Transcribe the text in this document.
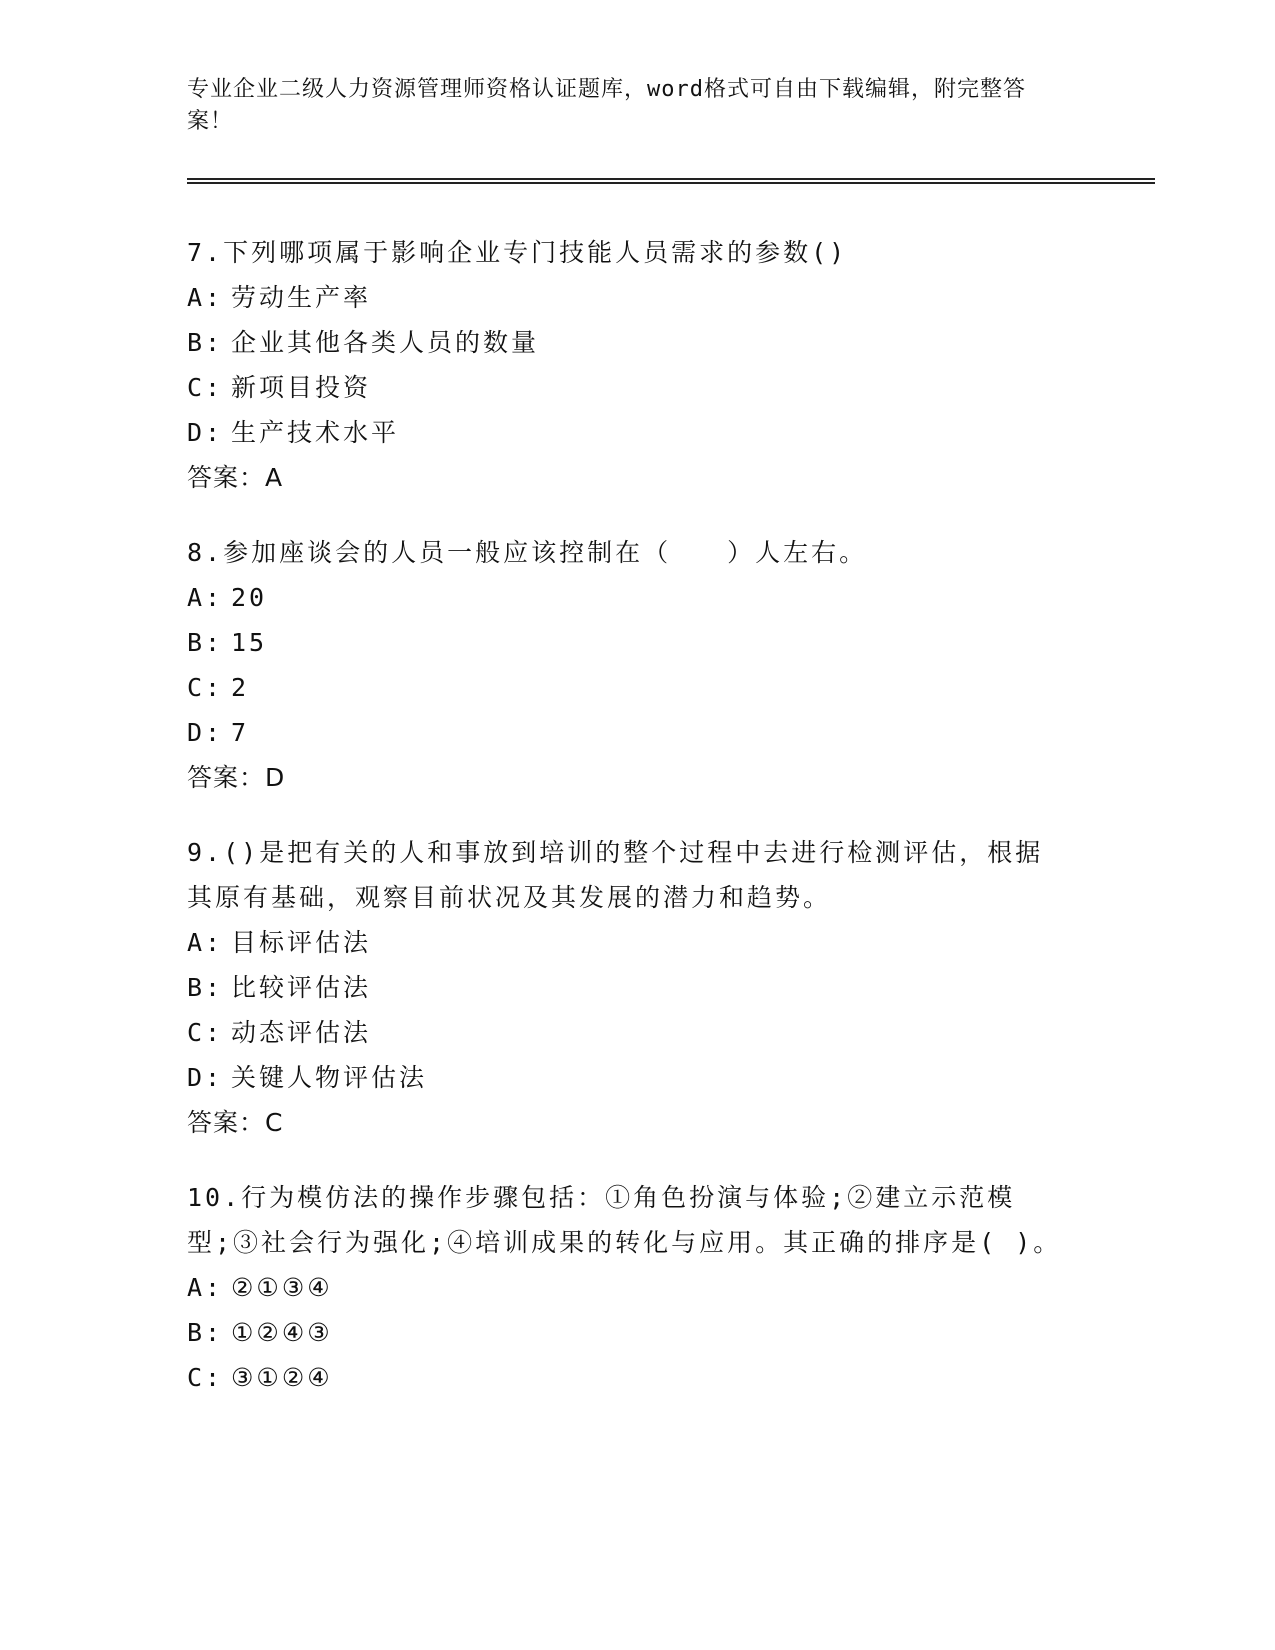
专业企业二级人力资源管理师资格认证题库，word格式可自由下载编辑，附完整答案！

7.下列哪项属于影响企业专门技能人员需求的参数()

A: 劳动生产率

B: 企业其他各类人员的数量

C: 新项目投资

D: 生产技术水平

答案：A

8.参加座谈会的人员一般应该控制在（　　）人左右。

A: 20

B: 15

C: 2

D: 7

答案：D

9.()是把有关的人和事放到培训的整个过程中去进行检测评估，根据其原有基础，观察目前状况及其发展的潜力和趋势。

A: 目标评估法

B: 比较评估法

C: 动态评估法

D: 关键人物评估法

答案：C

10.行为模仿法的操作步骤包括：①角色扮演与体验;②建立示范模型;③社会行为强化;④培训成果的转化与应用。其正确的排序是( )。

A: ②①③④

B: ①②④③

C: ③①②④
